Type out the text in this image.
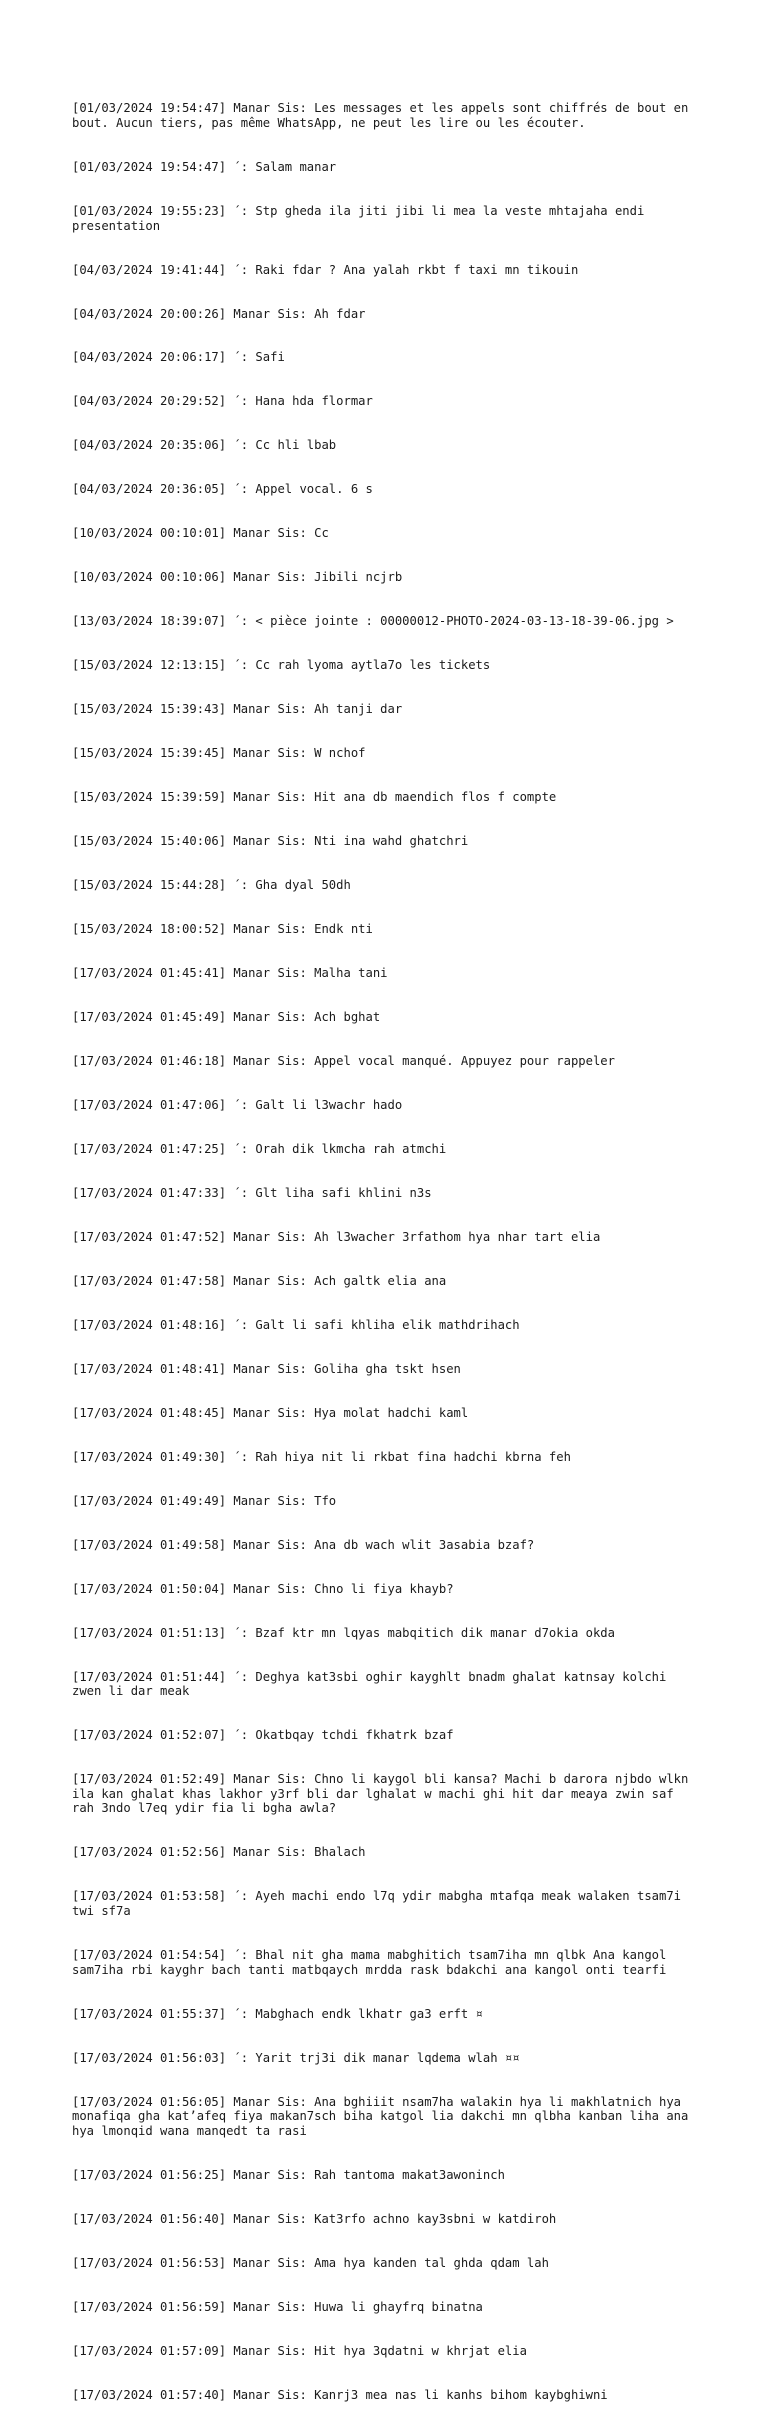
[01/03/2024 19:54:47] Manar Sis: Les messages et les appels sont chiffrés de bout en bout. Aucun tiers, pas même WhatsApp, ne peut les lire ou les écouter.

[01/03/2024 19:54:47] ´: Salam manar

[01/03/2024 19:55:23] ´: Stp gheda ila jiti jibi li mea la veste mhtajaha endi presentation

[04/03/2024 19:41:44] ´: Raki fdar ? Ana yalah rkbt f taxi mn tikouin

[04/03/2024 20:00:26] Manar Sis: Ah fdar

[04/03/2024 20:06:17] ´: Safi

[04/03/2024 20:29:52] ´: Hana hda flormar

[04/03/2024 20:35:06] ´: Cc hli lbab

[04/03/2024 20:36:05] ´: Appel vocal. 6 s

[10/03/2024 00:10:01] Manar Sis: Cc

[10/03/2024 00:10:06] Manar Sis: Jibili ncjrb

[13/03/2024 18:39:07] ´: < pièce jointe : 00000012-PHOTO-2024-03-13-18-39-06.jpg >

[15/03/2024 12:13:15] ´: Cc rah lyoma aytla7o les tickets

[15/03/2024 15:39:43] Manar Sis: Ah tanji dar

[15/03/2024 15:39:45] Manar Sis: W nchof

[15/03/2024 15:39:59] Manar Sis: Hit ana db maendich flos f compte

[15/03/2024 15:40:06] Manar Sis: Nti ina wahd ghatchri

[15/03/2024 15:44:28] ´: Gha dyal 50dh

[15/03/2024 18:00:52] Manar Sis: Endk nti

[17/03/2024 01:45:41] Manar Sis: Malha tani

[17/03/2024 01:45:49] Manar Sis: Ach bghat

[17/03/2024 01:46:18] Manar Sis: Appel vocal manqué. Appuyez pour rappeler

[17/03/2024 01:47:06] ´: Galt li l3wachr hado

[17/03/2024 01:47:25] ´: Orah dik lkmcha rah atmchi

[17/03/2024 01:47:33] ´: Glt liha safi khlini n3s

[17/03/2024 01:47:52] Manar Sis: Ah l3wacher 3rfathom hya nhar tart elia

[17/03/2024 01:47:58] Manar Sis: Ach galtk elia ana

[17/03/2024 01:48:16] ´: Galt li safi khliha elik mathdrihach

[17/03/2024 01:48:41] Manar Sis: Goliha gha tskt hsen

[17/03/2024 01:48:45] Manar Sis: Hya molat hadchi kaml

[17/03/2024 01:49:30] ´: Rah hiya nit li rkbat fina hadchi kbrna feh

[17/03/2024 01:49:49] Manar Sis: Tfo

[17/03/2024 01:49:58] Manar Sis: Ana db wach wlit 3asabia bzaf?

[17/03/2024 01:50:04] Manar Sis: Chno li fiya khayb?

[17/03/2024 01:51:13] ´: Bzaf ktr mn lqyas mabqitich dik manar d7okia okda

[17/03/2024 01:51:44] ´: Deghya kat3sbi oghir kayghlt bnadm ghalat katnsay kolchi zwen li dar meak

[17/03/2024 01:52:07] ´: Okatbqay tchdi fkhatrk bzaf

[17/03/2024 01:52:49] Manar Sis: Chno li kaygol bli kansa? Machi b darora njbdo wlkn ila kan ghalat khas lakhor y3rf bli dar lghalat w machi ghi hit dar meaya zwin saf rah 3ndo l7eq ydir fia li bgha awla?

[17/03/2024 01:52:56] Manar Sis: Bhalach

[17/03/2024 01:53:58] ´: Ayeh machi endo l7q ydir mabgha mtafqa meak walaken tsam7i twi sf7a

[17/03/2024 01:54:54] ´: Bhal nit gha mama mabghitich tsam7iha mn qlbk Ana kangol sam7iha rbi kayghr bach tanti matbqaych mrdda rask bdakchi ana kangol onti tearfi

[17/03/2024 01:55:37] ´: Mabghach endk lkhatr ga3 erft ¤

[17/03/2024 01:56:03] ´: Yarit trj3i dik manar lqdema wlah ¤¤

[17/03/2024 01:56:05] Manar Sis: Ana bghiiit nsam7ha walakin hya li makhlatnich hya monafiqa gha kat’afeq fiya makan7sch biha katgol lia dakchi mn qlbha kanban liha ana hya lmonqid wana manqedt ta rasi

[17/03/2024 01:56:25] Manar Sis: Rah tantoma makat3awoninch

[17/03/2024 01:56:40] Manar Sis: Kat3rfo achno kay3sbni w katdiroh

[17/03/2024 01:56:53] Manar Sis: Ama hya kanden tal ghda qdam lah

[17/03/2024 01:56:59] Manar Sis: Huwa li ghayfrq binatna

[17/03/2024 01:57:09] Manar Sis: Hit hya 3qdatni w khrjat elia

[17/03/2024 01:57:40] Manar Sis: Kanrj3 mea nas li kanhs bihom kaybghiwni
